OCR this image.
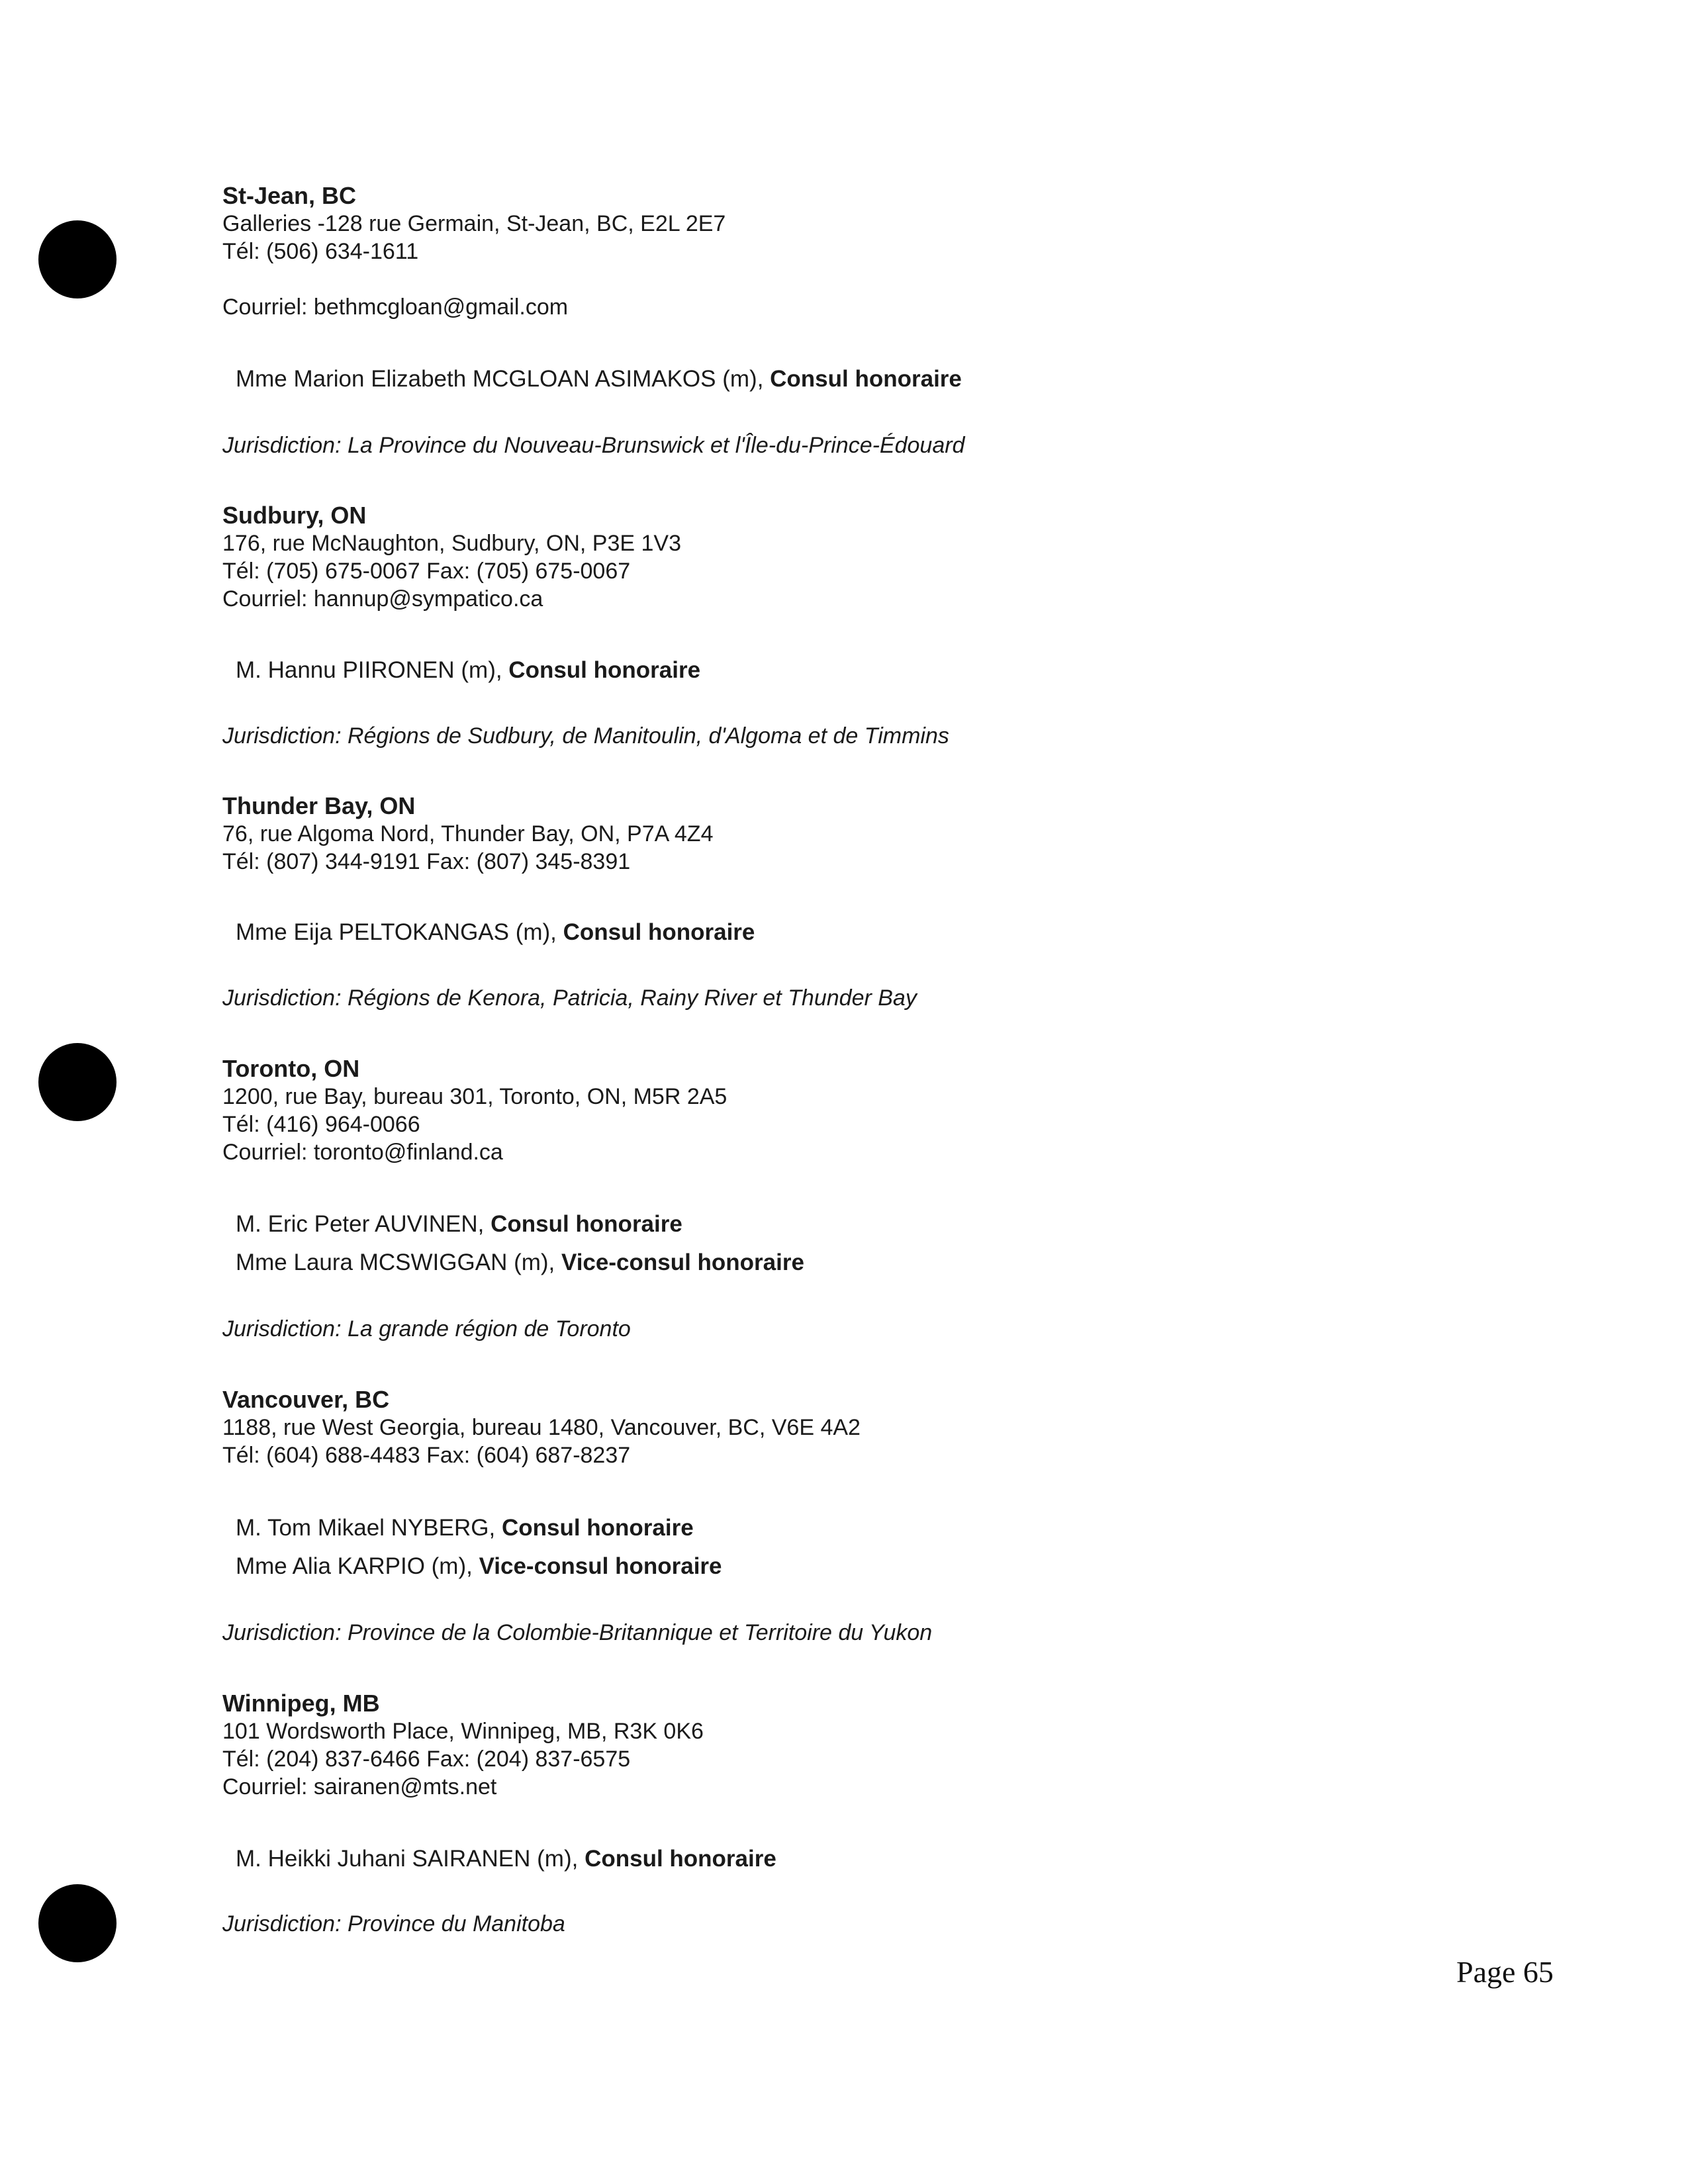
St-Jean, BC
Galleries -128 rue Germain, St-Jean, BC, E2L 2E7
Tél: (506) 634-1611
Courriel: bethmcgloan@gmail.com
Mme Marion Elizabeth MCGLOAN ASIMAKOS (m), Consul honoraire
Jurisdiction: La Province du Nouveau-Brunswick et l'Île-du-Prince-Édouard
Sudbury, ON
176, rue McNaughton, Sudbury, ON, P3E 1V3
Tél: (705) 675-0067 Fax: (705) 675-0067
Courriel: hannup@sympatico.ca
M. Hannu PIIRONEN (m), Consul honoraire
Jurisdiction: Régions de Sudbury, de Manitoulin, d'Algoma et de Timmins
Thunder Bay, ON
76, rue Algoma Nord, Thunder Bay, ON, P7A 4Z4
Tél: (807) 344-9191 Fax: (807) 345-8391
Mme Eija PELTOKANGAS (m), Consul honoraire
Jurisdiction: Régions de Kenora, Patricia, Rainy River et Thunder Bay
Toronto, ON
1200, rue Bay, bureau 301, Toronto, ON, M5R 2A5
Tél: (416) 964-0066
Courriel: toronto@finland.ca
M. Eric Peter AUVINEN, Consul honoraire
Mme Laura MCSWIGGAN (m), Vice-consul honoraire
Jurisdiction: La grande région de Toronto
Vancouver, BC
1188, rue West Georgia, bureau 1480, Vancouver, BC, V6E 4A2
Tél: (604) 688-4483 Fax: (604) 687-8237
M. Tom Mikael NYBERG, Consul honoraire
Mme Alia KARPIO (m), Vice-consul honoraire
Jurisdiction: Province de la Colombie-Britannique et Territoire du Yukon
Winnipeg, MB
101 Wordsworth Place, Winnipeg, MB, R3K 0K6
Tél: (204) 837-6466 Fax: (204) 837-6575
Courriel: sairanen@mts.net
M. Heikki Juhani SAIRANEN (m), Consul honoraire
Jurisdiction: Province du Manitoba
Page 65
